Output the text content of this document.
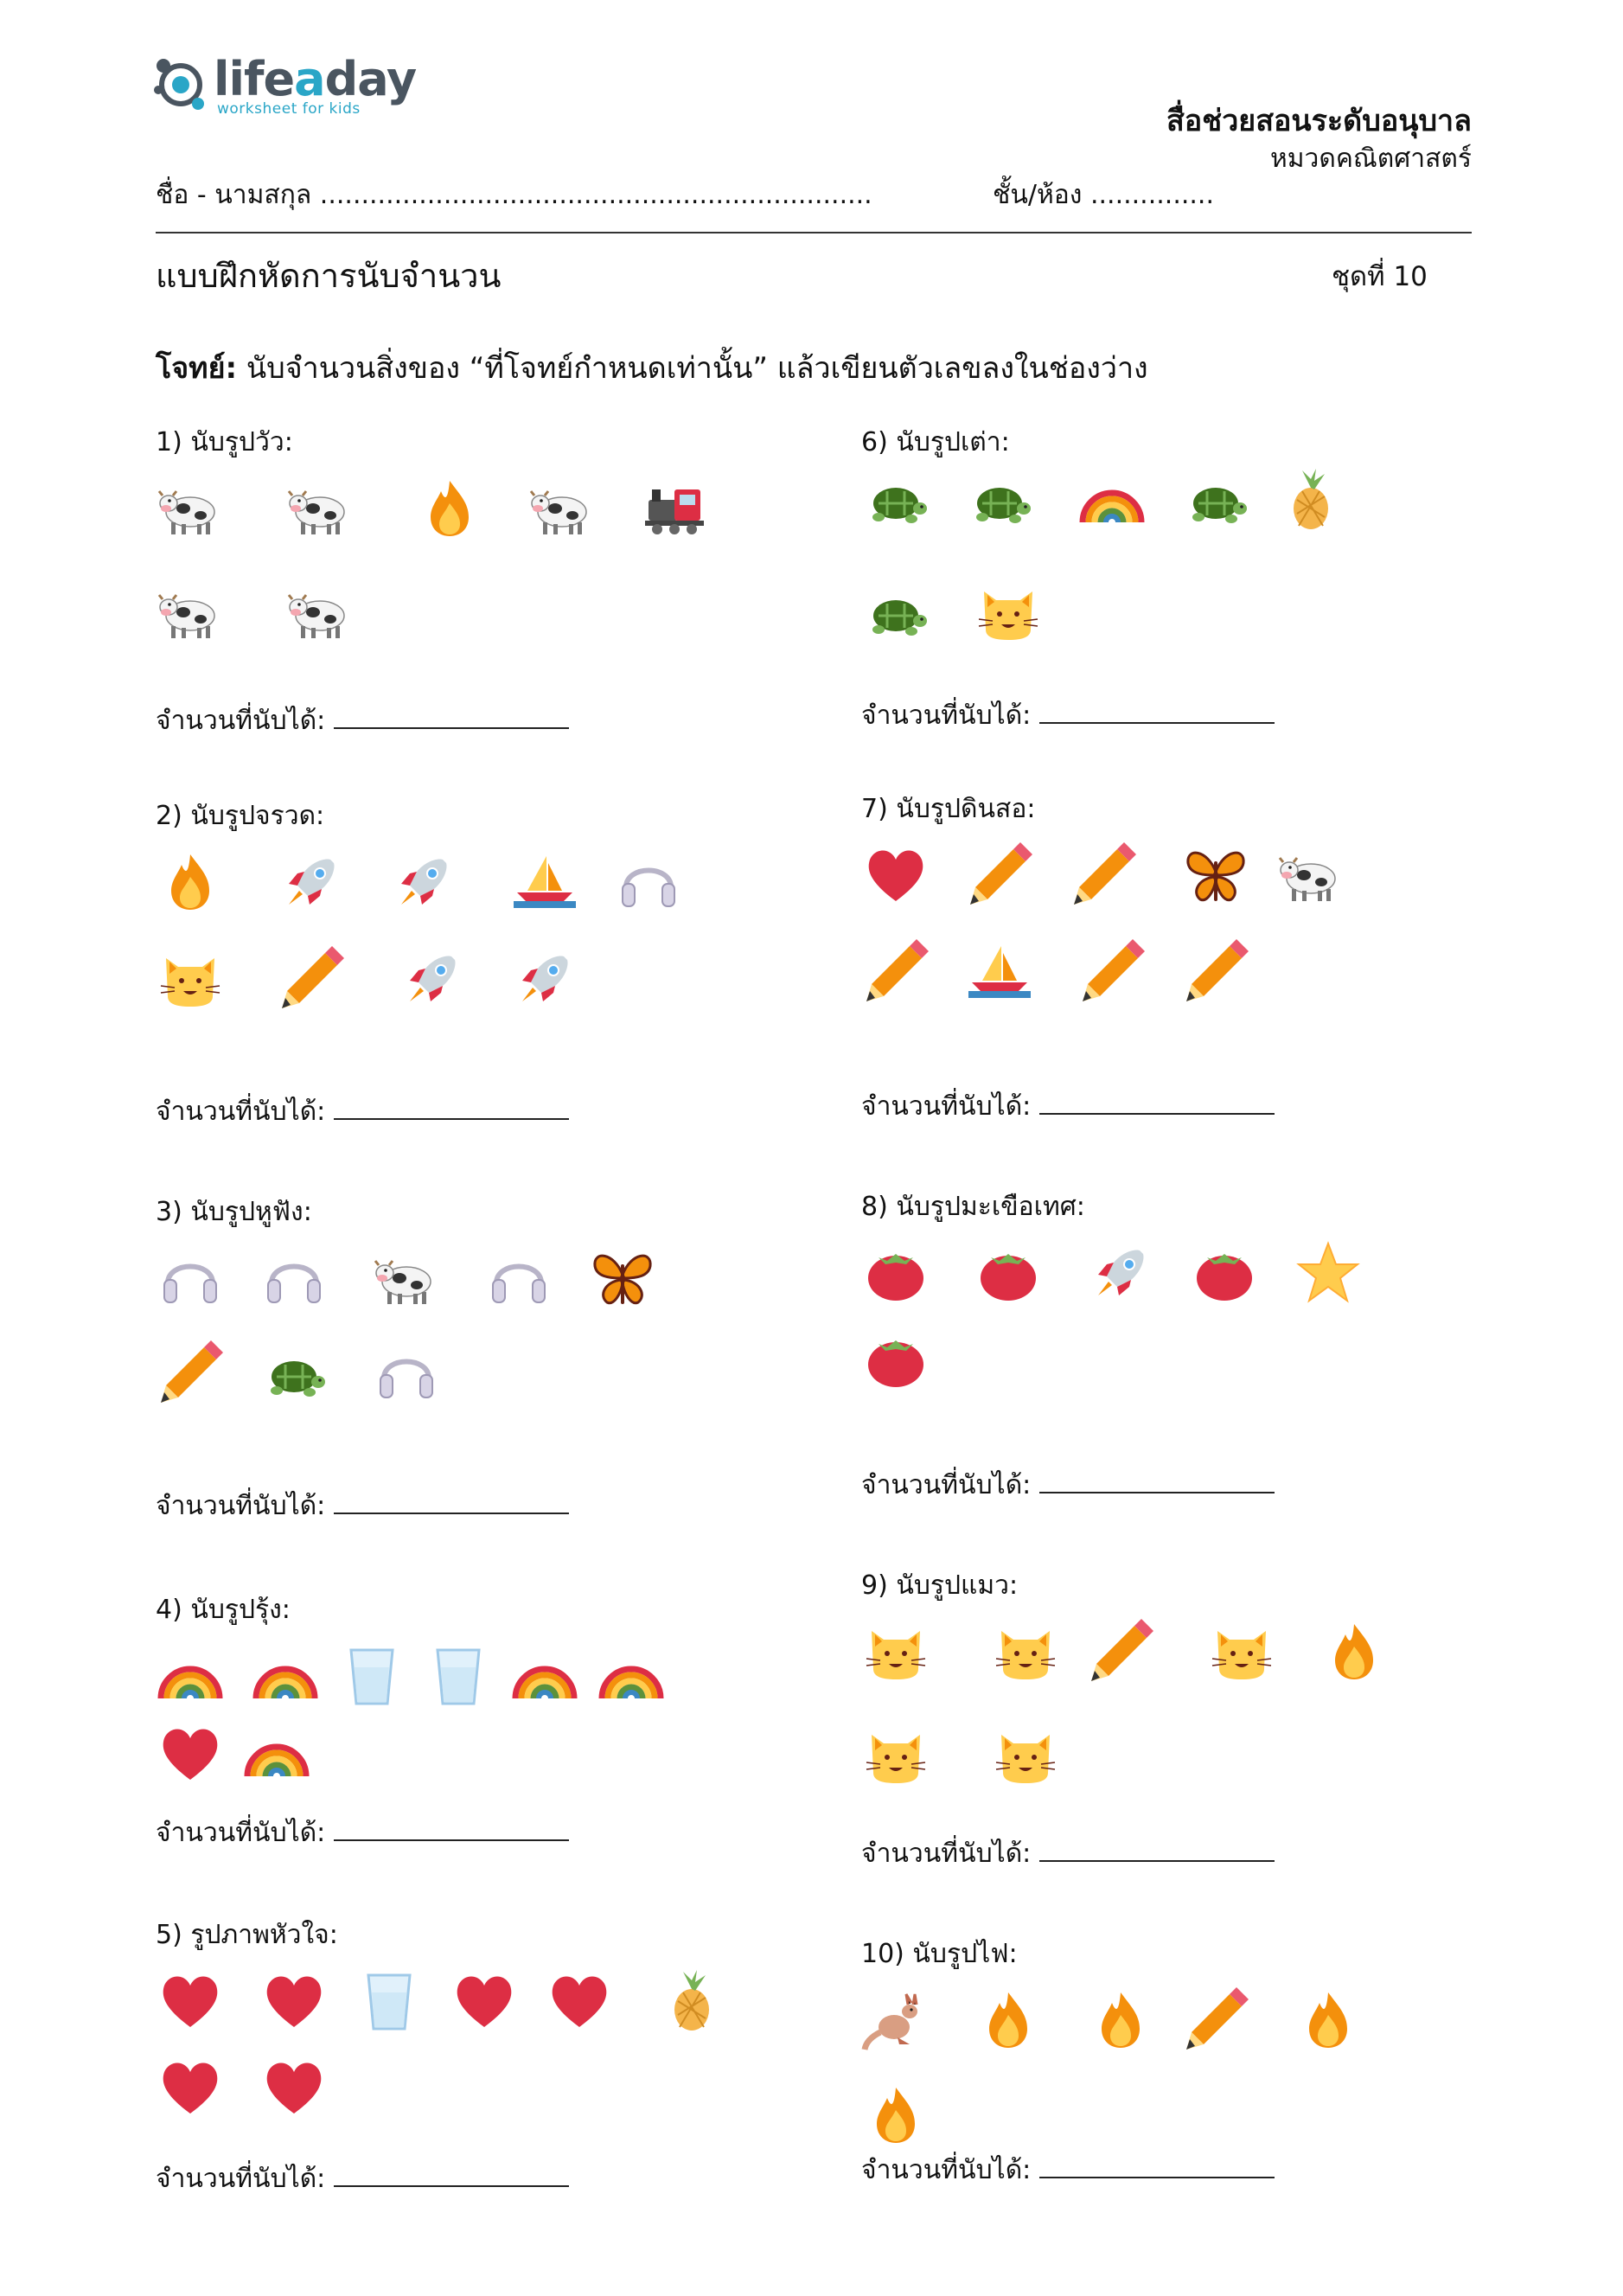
lifeaday
worksheet for kids	สื่อช่วยสอนระดับอนุบาล
หมวดคณิตศาสตร์
ชื่อ - นามสกุล ...................................................................	ชั้น/ห้อง ...............
แบบฝึกหัดการนับจำนวน	ชุดที่ 10
โจทย์: นับจำนวนสิ่งของ “ที่โจทย์กำหนดเท่านั้น” แล้วเขียนตัวเลขลงในช่องว่าง
1) นับรูปวัว:
2) นับรูปจรวด:
3) นับรูปหูฟัง:
4) นับรูปรุ้ง:
5) รูปภาพหัวใจ:
6) นับรูปเต่า:
7) นับรูปดินสอ:
8) นับรูปมะเขือเทศ:
9) นับรูปแมว:
10) นับรูปไฟ:
จำนวนที่นับได้:
จำนวนที่นับได้:
จำนวนที่นับได้:
จำนวนที่นับได้:
จำนวนที่นับได้:
จำนวนที่นับได้:
จำนวนที่นับได้:
จำนวนที่นับได้:
จำนวนที่นับได้:
จำนวนที่นับได้:
